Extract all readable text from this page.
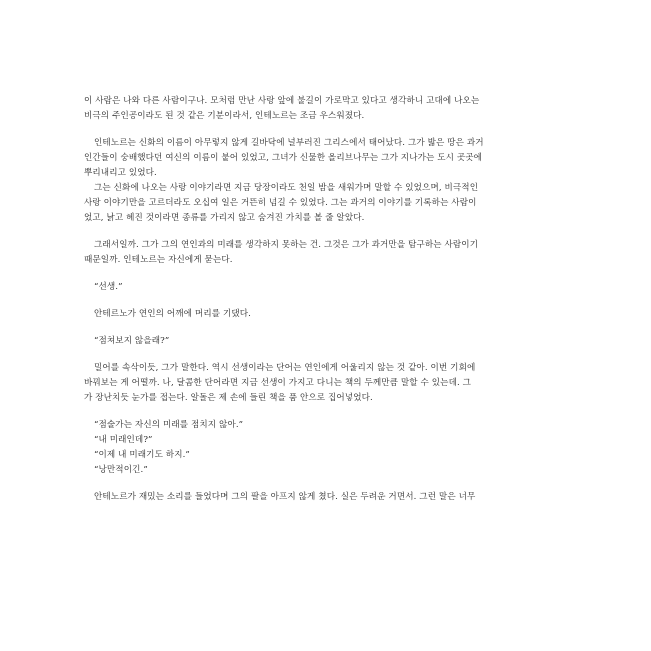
이 사람은 나와 다른 사람이구나. 모처럼 만난 사랑 앞에 불길이 가로막고 있다고 생각하니 고대에 나오는
비극의 주인공이라도 된 것 같은 기분이라서, 인테노르는 조금 우스워졌다.
인테노르는 신화의 이름이 아무렇지 않게 길바닥에 널부러진 그리스에서 태어났다. 그가 밟은 땅은 과거
인간들이 숭배했다던 여신의 이름이 붙어 있었고, 그녀가 신물한 올리브나무는 그가 지나가는 도시 곳곳에
뿌리내리고 있었다.
그는 신화에 나오는 사랑 이야기라면 지금 당장이라도 천일 밤을 새워가며 말할 수 있었으며, 비극적인
사랑 이야기만을 고르더라도 오십여 일은 거뜬히 넘길 수 있었다. 그는 과거의 이야기를 기록하는 사람이
었고, 낡고 헤진 것이라면 종류를 가리지 않고 숨겨진 가치를 볼 줄 알았다.
그래서일까. 그가 그의 연인과의 미래를 생각하지 못하는 건. 그것은 그가 과거만을 탐구하는 사람이기
때문일까. 인테노르는 자신에게 묻는다.
“선생.”
안테르노가 연인의 어깨에 머리를 기댔다.
“점쳐보지 않을래?”
밀어를 속삭이듯, 그가 말한다. 역시 선생이라는 단어는 연인에게 어울리지 않는 것 같아. 이번 기회에
바꿔보는 게 어떨까. 나, 달콤한 단어라면 지금 선생이 가지고 다니는 책의 두께만큼 말할 수 있는데. 그
가 장난치듯 눈가를 접는다. 알돌은 제 손에 들린 책을 품 안으로 집어넣었다.
“점술가는 자신의 미래를 점치지 않아.”
“내 미래인데?”
“이제 내 미래기도 하지.”
“낭만적이긴.”
안테노르가 재밌는 소리를 들었다며 그의 팔을 아프지 않게 쳤다. 실은 두려운 거면서. 그런 말은 너무
